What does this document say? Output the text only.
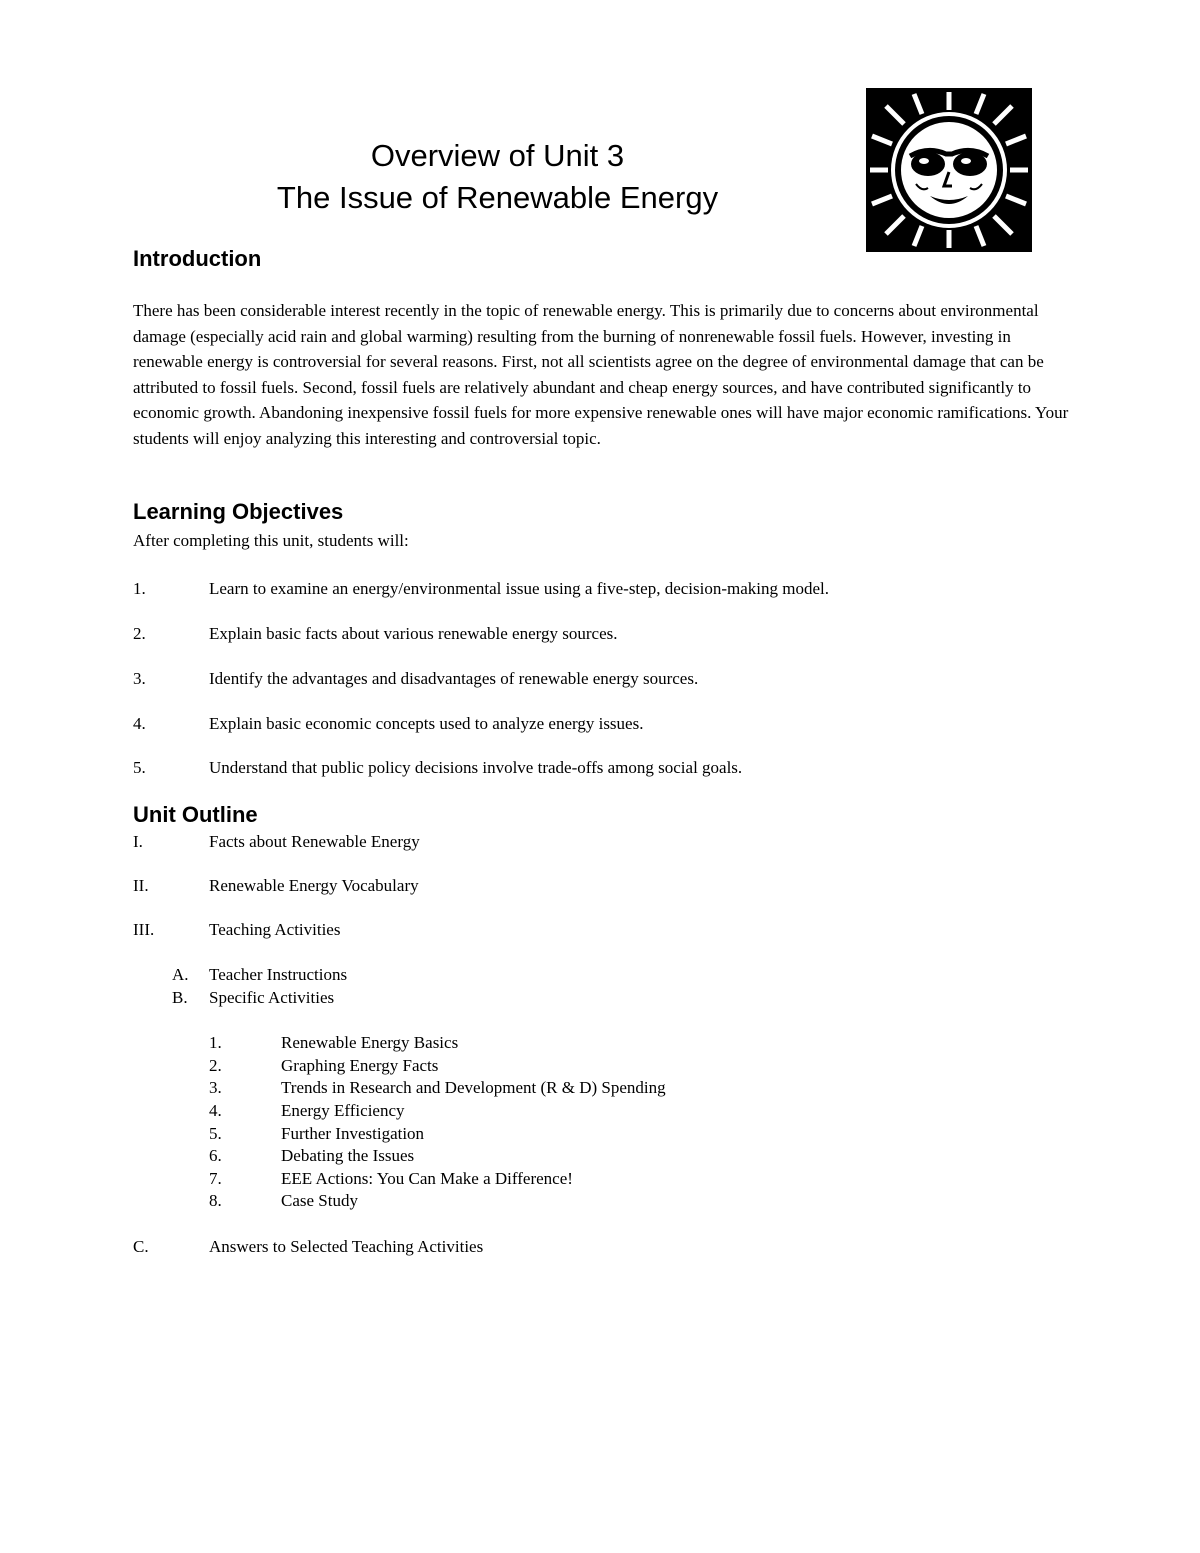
Overview of Unit 3
The Issue of Renewable Energy
Introduction
There has been considerable interest recently in the topic of renewable energy. This is primarily due to concerns about environmental damage (especially acid rain and global warming) resulting from the burning of nonrenewable fossil fuels. However, investing in renewable energy is controversial for several reasons. First, not all scientists agree on the degree of environmental damage that can be attributed to fossil fuels. Second, fossil fuels are relatively abundant and cheap energy sources, and have contributed significantly to economic growth. Abandoning inexpensive fossil fuels for more expensive renewable ones will have major economic ramifications. Your students will enjoy analyzing this interesting and controversial topic.
Learning Objectives
After completing this unit, students will:
1.	Learn to examine an energy/environmental issue using a five-step, decision-making model.
2.	Explain basic facts about various renewable energy sources.
3.	Identify the advantages and disadvantages of renewable energy sources.
4.	Explain basic economic concepts used to analyze energy issues.
5.	Understand that public policy decisions involve trade-offs among social goals.
Unit Outline
I.	Facts about Renewable Energy
II.	Renewable Energy Vocabulary
III.	Teaching Activities
A. Teacher Instructions
B. Specific Activities
1.	Renewable Energy Basics
2.	Graphing Energy Facts
3.	Trends in Research and Development (R & D) Spending
4.	Energy Efficiency
5.	Further Investigation
6.	Debating the Issues
7.	EEE Actions: You Can Make a Difference!
8.	Case Study
C.	Answers to Selected Teaching Activities
